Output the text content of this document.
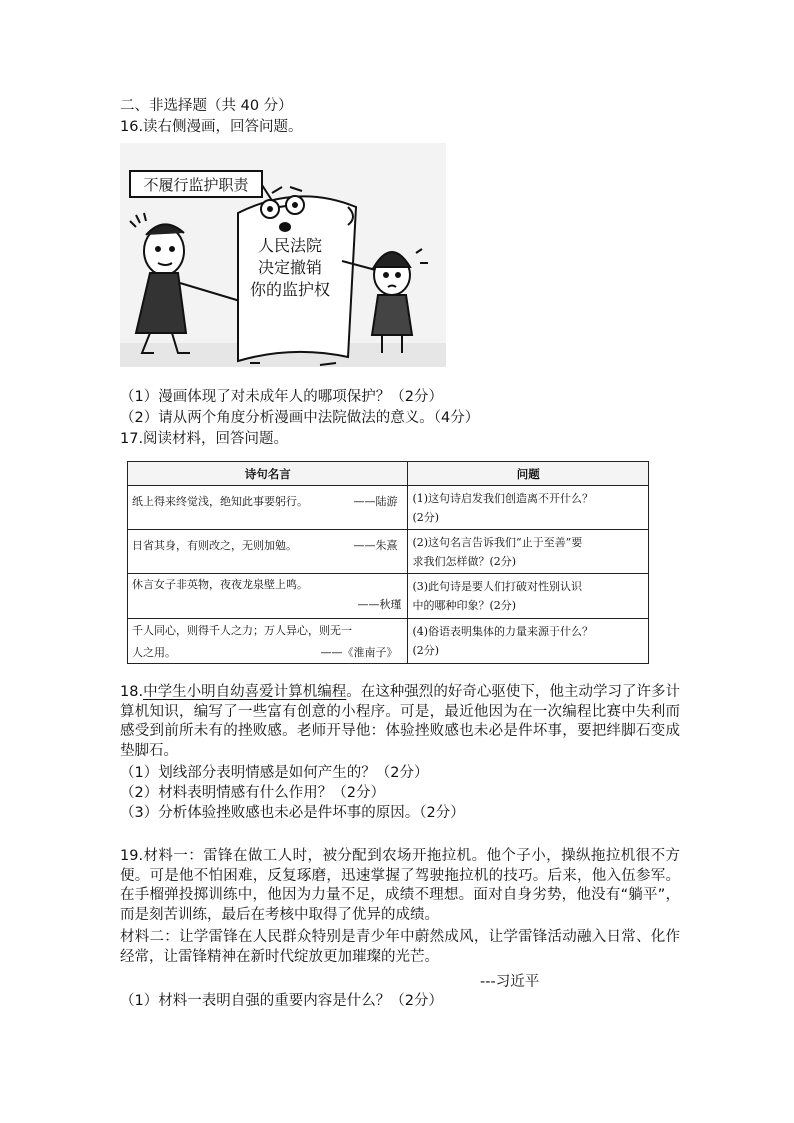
二、非选择题（共 40 分）
16.读右侧漫画，回答问题。
不履行监护职责
人民法院
决定撤销
你的监护权
（1）漫画体现了对未成年人的哪项保护？（2分）
（2）请从两个角度分析漫画中法院做法的意义。（4分）
17.阅读材料，回答问题。
诗句名言	问题

纸上得来终觉浅，绝知此事要躬行。 ——陆游	(1)这句诗启发我们创造离不开什么？
(2分)

日省其身，有则改之，无则加勉。 ——朱熹	(2)这句名言告诉我们“止于至善”要
求我们怎样做？(2分)

休言女子非英物，夜夜龙泉壁上鸣。
——秋瑾	(3)此句诗是要人们打破对性别认识
中的哪种印象？(2分)

千人同心，则得千人之力；万人异心，则无一
人之用。 ——《淮南子》	(4)俗语表明集体的力量来源于什么？
(2分)
18.中学生小明自幼喜爱计算机编程。在这种强烈的好奇心驱使下，他主动学习了许多计算机知识，编写了一些富有创意的小程序。可是，最近他因为在一次编程比赛中失利而感受到前所未有的挫败感。老师开导他：体验挫败感也未必是件坏事，要把绊脚石变成垫脚石。
（1）划线部分表明情感是如何产生的？（2分）
（2）材料表明情感有什么作用？（2分）
（3）分析体验挫败感也未必是件坏事的原因。（2分）
19.材料一：雷锋在做工人时，被分配到农场开拖拉机。他个子小，操纵拖拉机很不方便。可是他不怕困难，反复琢磨，迅速掌握了驾驶拖拉机的技巧。后来，他入伍参军。在手榴弹投掷训练中，他因为力量不足，成绩不理想。面对自身劣势，他没有“躺平”，而是刻苦训练，最后在考核中取得了优异的成绩。
材料二：让学雷锋在人民群众特别是青少年中蔚然成风，让学雷锋活动融入日常、化作经常，让雷锋精神在新时代绽放更加璀璨的光芒。
---习近平
（1）材料一表明自强的重要内容是什么？（2分）
